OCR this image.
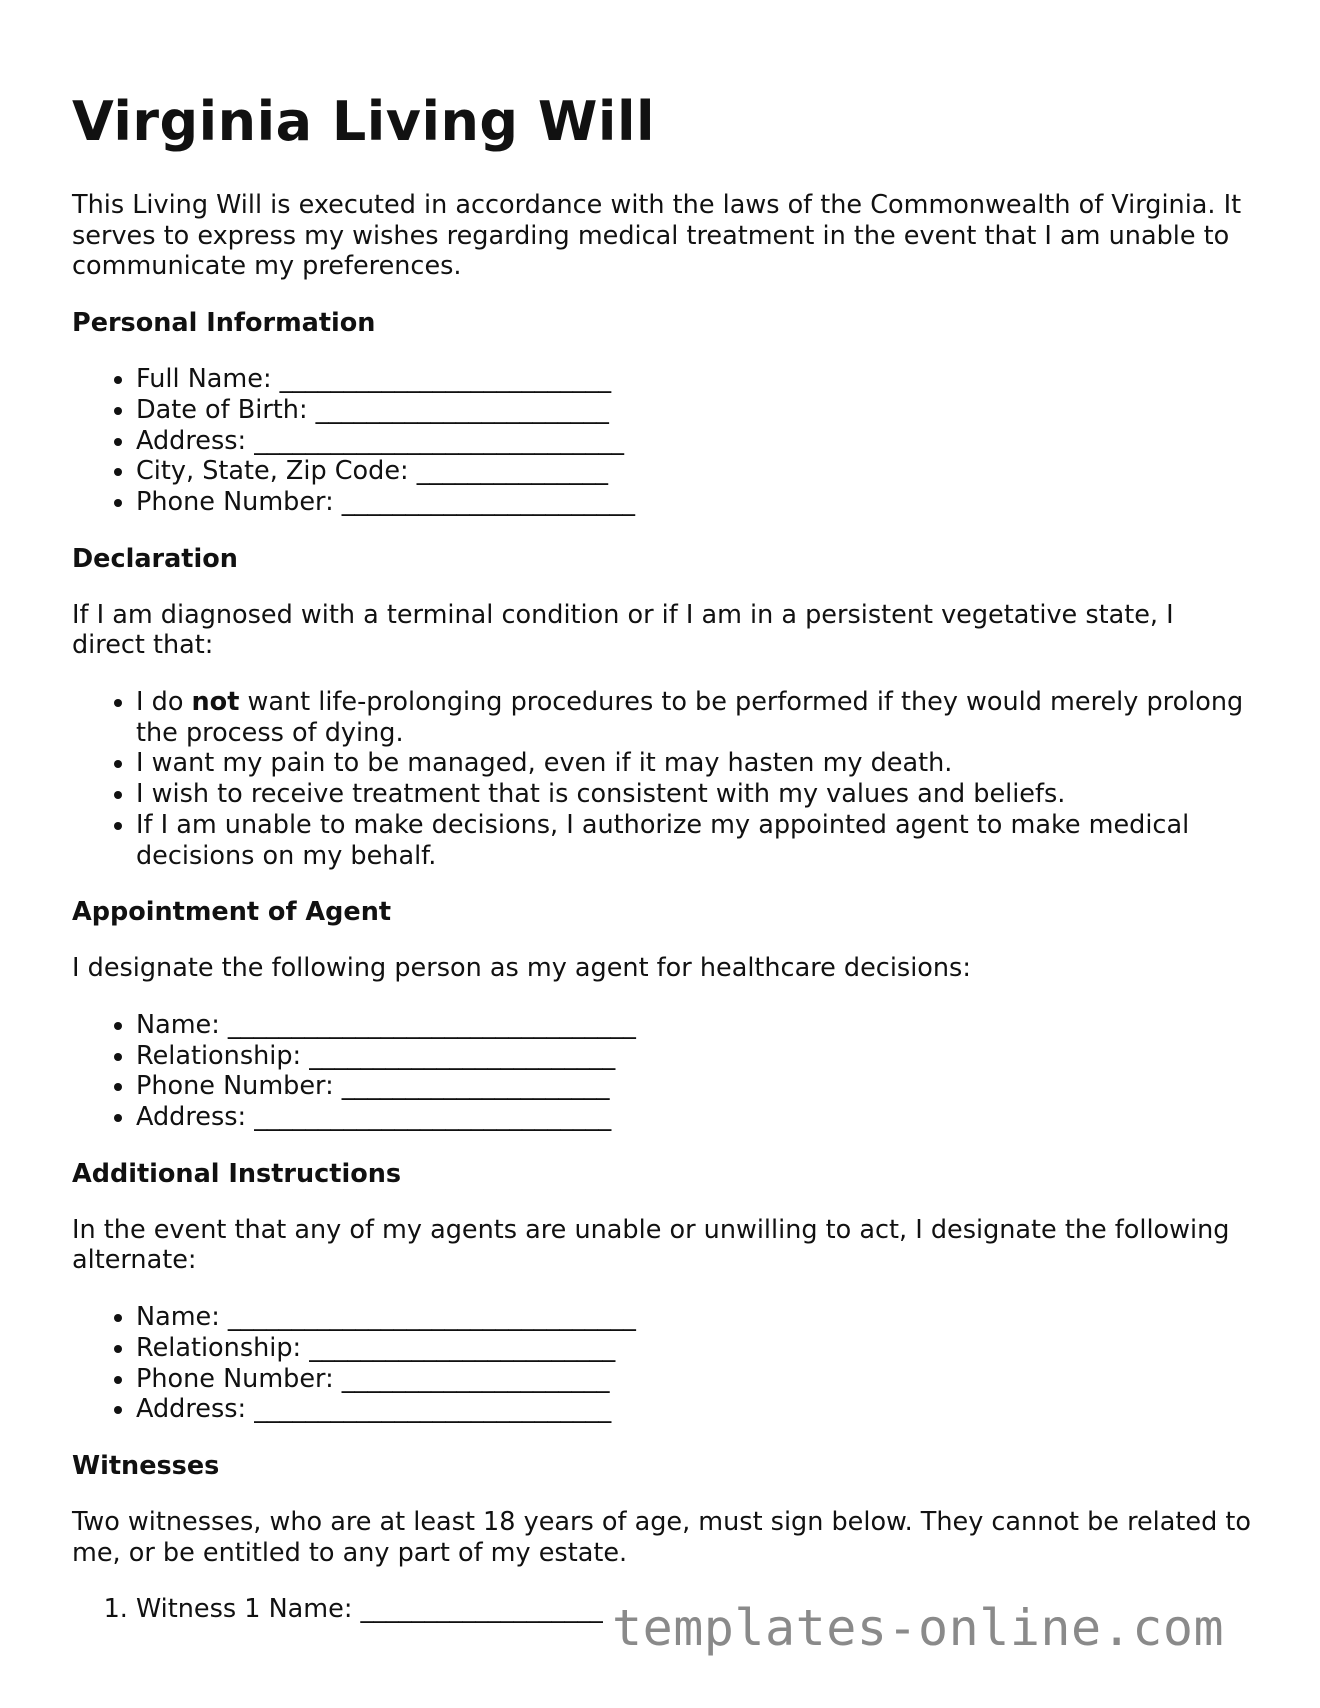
Virginia Living Will

This Living Will is executed in accordance with the laws of the Commonwealth of Virginia. It serves to express my wishes regarding medical treatment in the event that I am unable to communicate my preferences.

Personal Information
• Full Name: __________________________
• Date of Birth: _______________________
• Address: _____________________________
• City, State, Zip Code: _______________
• Phone Number: _______________________
Declaration

If I am diagnosed with a terminal condition or if I am in a persistent vegetative state, I direct that:

• I do not want life-prolonging procedures to be performed if they would merely prolong the process of dying.
• I want my pain to be managed, even if it may hasten my death.
• I wish to receive treatment that is consistent with my values and beliefs.
• If I am unable to make decisions, I authorize my appointed agent to make medical decisions on my behalf.
Appointment of Agent

I designate the following person as my agent for healthcare decisions:

• Name: ________________________________
• Relationship: ________________________
• Phone Number: _____________________
• Address: ____________________________
Additional Instructions

In the event that any of my agents are unable or unwilling to act, I designate the following alternate:

• Name: ________________________________
• Relationship: ________________________
• Phone Number: _____________________
• Address: ____________________________
Witnesses

Two witnesses, who are at least 18 years of age, must sign below. They cannot be related to me, or be entitled to any part of my estate.

1. Witness 1 Name: ___________________ templates-online.com
